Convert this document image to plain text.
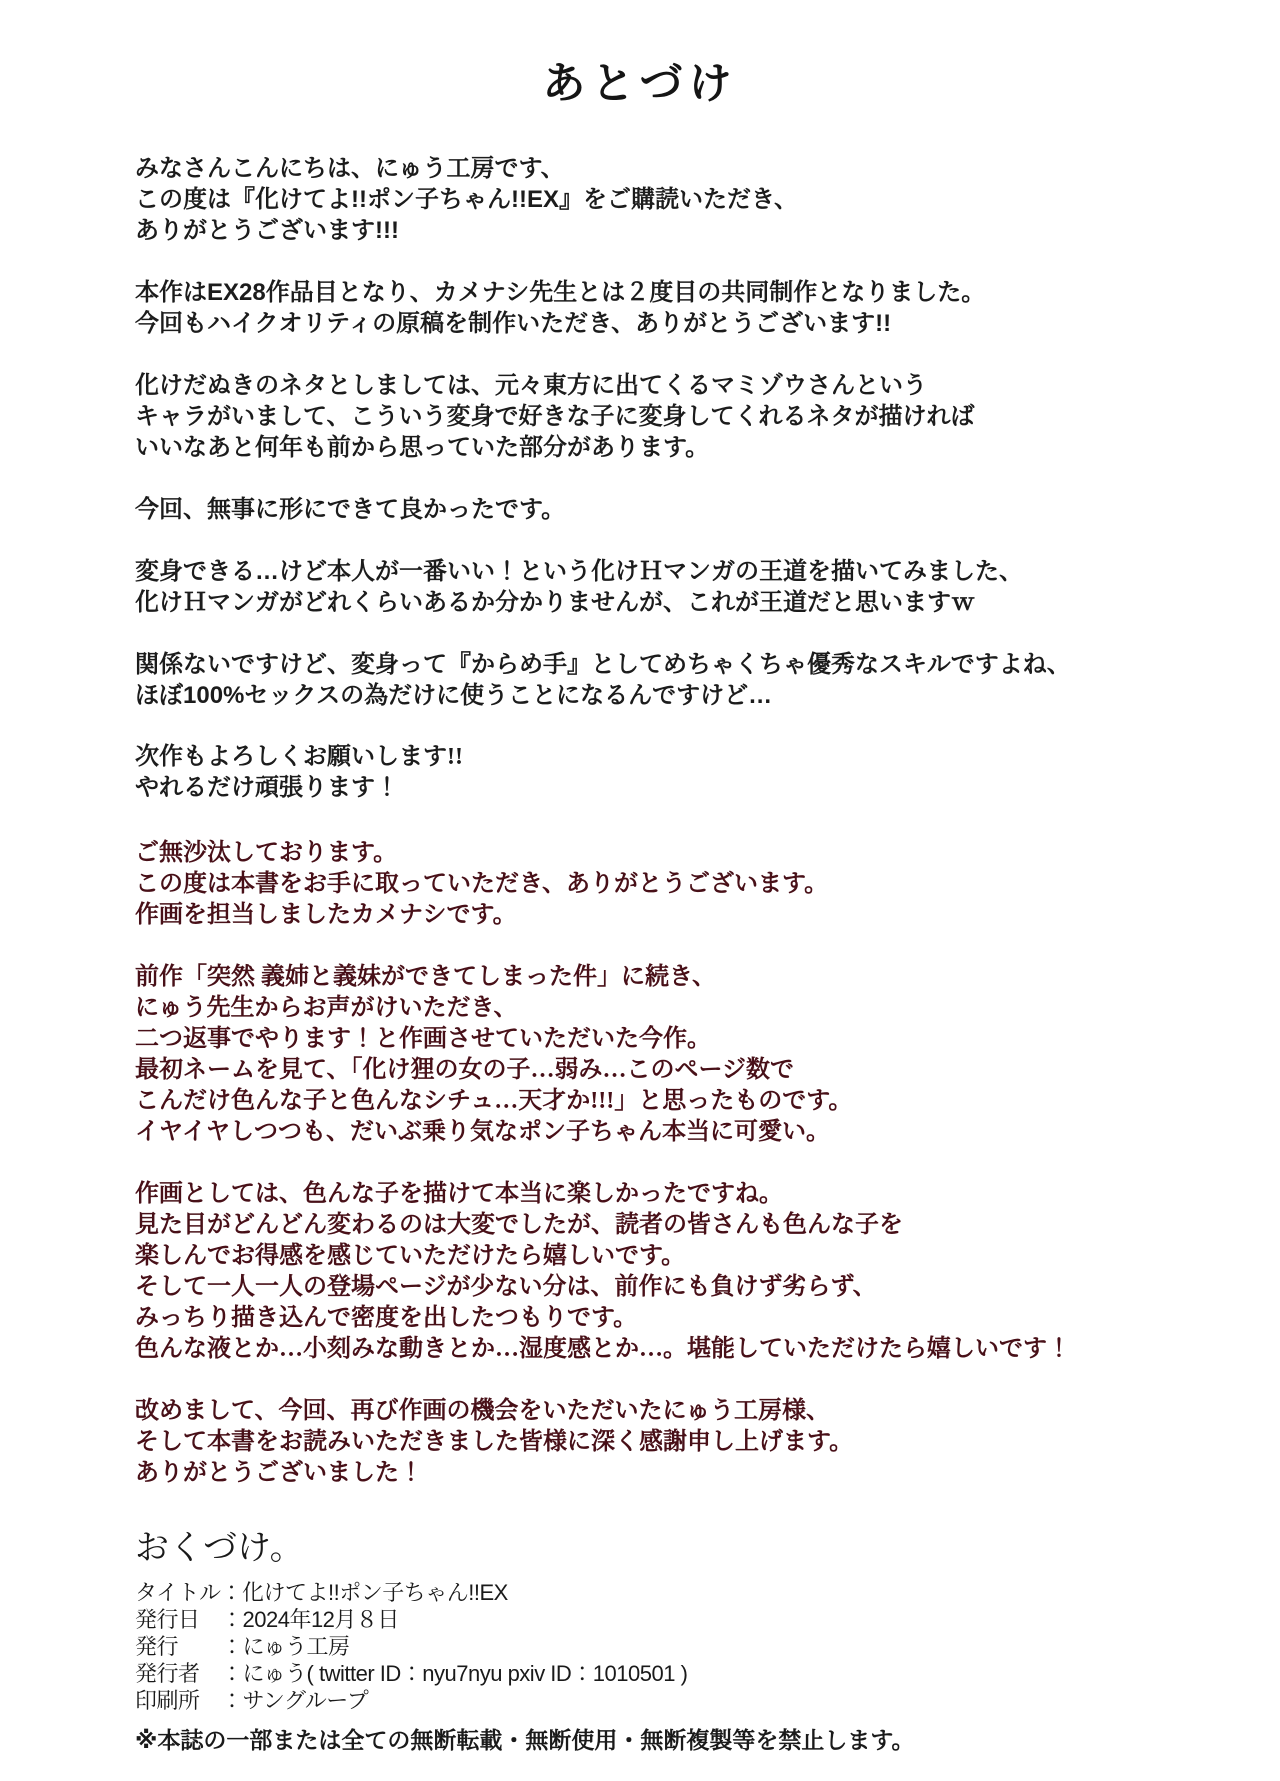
あとづけ

みなさんこんにちは、にゅう工房です、
この度は『化けてよ!!ポン子ちゃん!!EX』をご購読いただき、
ありがとうございます!!!

本作はEX28作品目となり、カメナシ先生とは２度目の共同制作となりました。
今回もハイクオリティの原稿を制作いただき、ありがとうございます!!

化けだぬきのネタとしましては、元々東方に出てくるマミゾウさんという
キャラがいまして、こういう変身で好きな子に変身してくれるネタが描ければ
いいなあと何年も前から思っていた部分があります。

今回、無事に形にできて良かったです。

変身できる…けど本人が一番いい！という化けＨマンガの王道を描いてみました、
化けＨマンガがどれくらいあるか分かりませんが、これが王道だと思いますｗ

関係ないですけど、変身って『からめ手』としてめちゃくちゃ優秀なスキルですよね、
ほぼ100%セックスの為だけに使うことになるんですけど…

次作もよろしくお願いします!!
やれるだけ頑張ります！

ご無沙汰しております。
この度は本書をお手に取っていただき、ありがとうございます。
作画を担当しましたカメナシです。

前作「突然 義姉と義妹ができてしまった件」に続き、
にゅう先生からお声がけいただき、
二つ返事でやります！と作画させていただいた今作。
最初ネームを見て、「化け狸の女の子…弱み…このページ数で
こんだけ色んな子と色んなシチュ…天才か!!!」と思ったものです。
イヤイヤしつつも、だいぶ乗り気なポン子ちゃん本当に可愛い。

作画としては、色んな子を描けて本当に楽しかったですね。
見た目がどんどん変わるのは大変でしたが、読者の皆さんも色んな子を
楽しんでお得感を感じていただけたら嬉しいです。
そして一人一人の登場ページが少ない分は、前作にも負けず劣らず、
みっちり描き込んで密度を出したつもりです。
色んな液とか…小刻みな動きとか…湿度感とか…。堪能していただけたら嬉しいです！

改めまして、今回、再び作画の機会をいただいたにゅう工房様、
そして本書をお読みいただきました皆様に深く感謝申し上げます。
ありがとうございました！

おくづけ。
タイトル：化けてよ!!ポン子ちゃん!!EX
発行日　：2024年12月８日
発行　　：にゅう工房
発行者　：にゅう( twitter ID：nyu7nyu pxiv ID：1010501 )
印刷所　：サングループ
※本誌の一部または全ての無断転載・無断使用・無断複製等を禁止します。
